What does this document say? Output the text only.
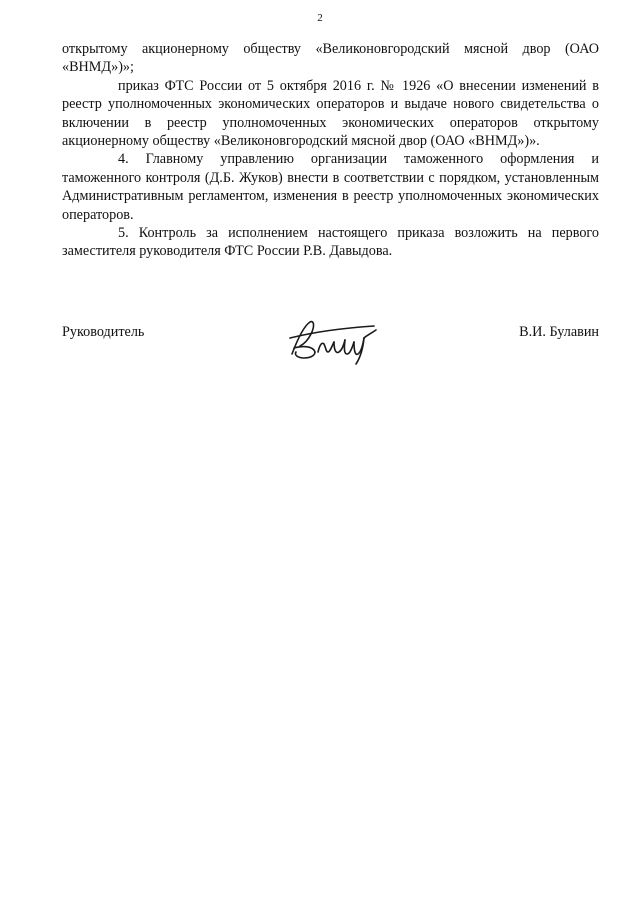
2

открытому акционерному обществу «Великоновгородский мясной двор (ОАО «ВНМД»)»;

приказ ФТС России от 5 октября 2016 г. № 1926 «О внесении изменений в реестр уполномоченных экономических операторов и выдаче нового свидетельства о включении в реестр уполномоченных экономических операторов открытому акционерному обществу «Великоновгородский мясной двор (ОАО «ВНМД»)».

4. Главному управлению организации таможенного оформления и таможенного контроля (Д.Б. Жуков) внести в соответствии с порядком, установленным Административным регламентом, изменения в реестр уполномоченных экономических операторов.

5. Контроль за исполнением настоящего приказа возложить на первого заместителя руководителя ФТС России Р.В. Давыдова.

Руководитель	В.И. Булавин
